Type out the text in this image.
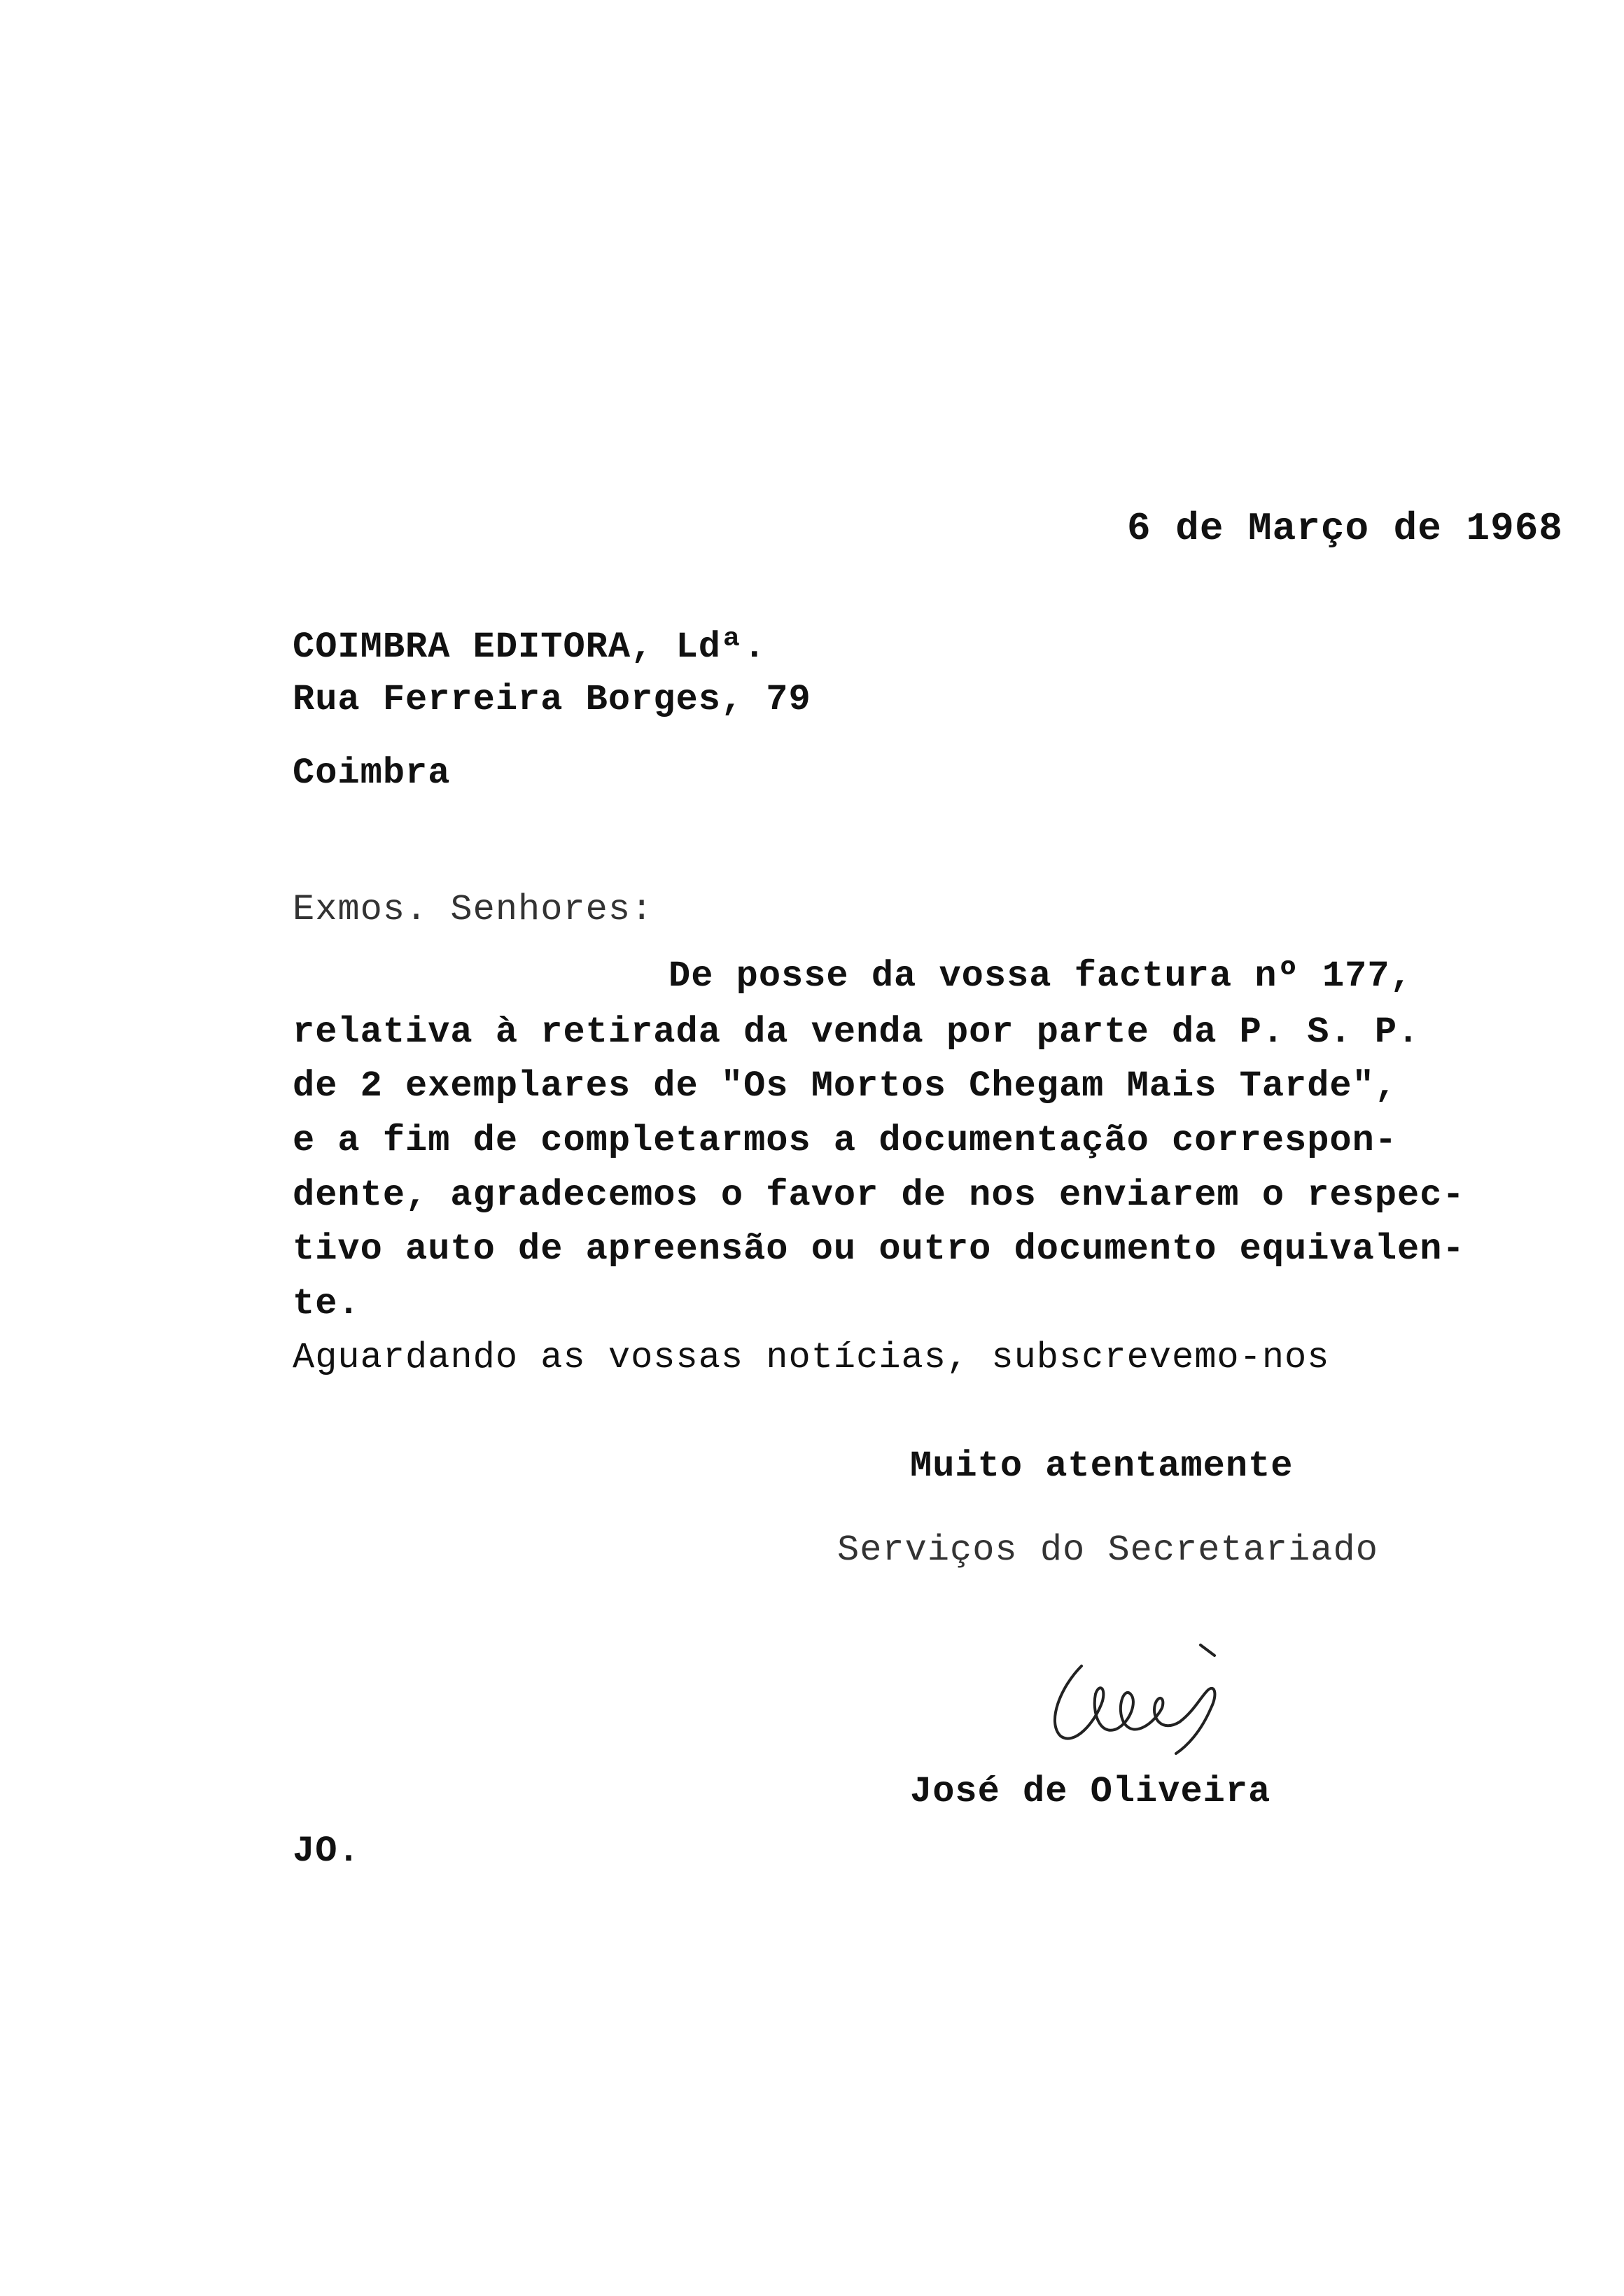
6 de Março de 1968
COIMBRA EDITORA, Ldª.
Rua Ferreira Borges, 79
Coimbra
Exmos. Senhores:
De posse da vossa factura nº 177,
relativa à retirada da venda por parte da P. S. P.
de 2 exemplares de "Os Mortos Chegam Mais Tarde",
e a fim de completarmos a documentação correspon-
dente, agradecemos o favor de nos enviarem o respec-
tivo auto de apreensão ou outro documento equivalen-
te.
Aguardando as vossas notícias, subscrevemo-nos
Muito atentamente
Serviços do Secretariado
José de Oliveira
JO.
